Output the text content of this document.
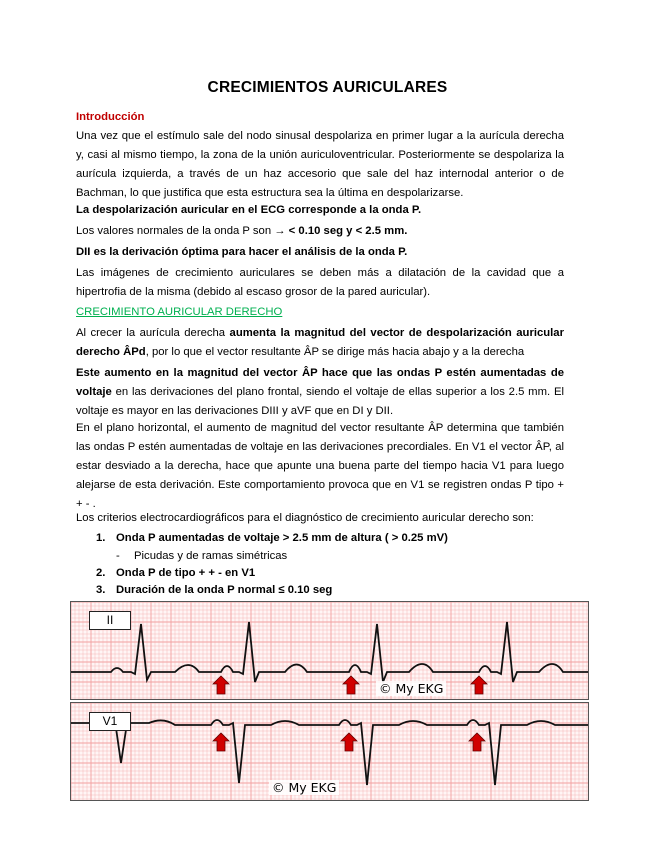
CRECIMIENTOS AURICULARES
Introducción
Una vez que el estímulo sale del nodo sinusal despolariza en primer lugar a la aurícula derecha y, casi al mismo tiempo, la zona de la unión auriculoventricular. Posteriormente se despolariza la aurícula izquierda, a través de un haz accesorio que sale del haz internodal anterior o de Bachman, lo que justifica que esta estructura sea la última en despolarizarse.
La despolarización auricular en el ECG corresponde a la onda P.
Los valores normales de la onda P son → < 0.10 seg y < 2.5 mm.
DII es la derivación óptima para hacer el análisis de la onda P.
Las imágenes de crecimiento auriculares se deben más a dilatación de la cavidad que a hipertrofia de la misma (debido al escaso grosor de la pared auricular).
CRECIMIENTO AURICULAR DERECHO
Al crecer la aurícula derecha aumenta la magnitud del vector de despolarización auricular derecho ÂPd, por lo que el vector resultante ÂP se dirige más hacia abajo y a la derecha
Este aumento en la magnitud del vector ÂP hace que las ondas P estén aumentadas de voltaje en las derivaciones del plano frontal, siendo el voltaje de ellas superior a los 2.5 mm. El voltaje es mayor en las derivaciones DIII y aVF que en DI y DII.
En el plano horizontal, el aumento de magnitud del vector resultante ÂP determina que también las ondas P estén aumentadas de voltaje en las derivaciones precordiales. En V1 el vector ÂP, al estar desviado a la derecha, hace que apunte una buena parte del tiempo hacia V1 para luego alejarse de esta derivación. Este comportamiento provoca que en V1 se registren ondas P tipo + + - .
Los criterios electrocardiográficos para el diagnóstico de crecimiento auricular derecho son:
1. Onda P aumentadas de voltaje > 2.5 mm de altura ( > 0.25 mV)
- Picudas y de ramas simétricas
2. Onda P de tipo + + - en V1
3. Duración de la onda P normal ≤ 0.10 seg
II
© My EKG
V1
© My EKG
